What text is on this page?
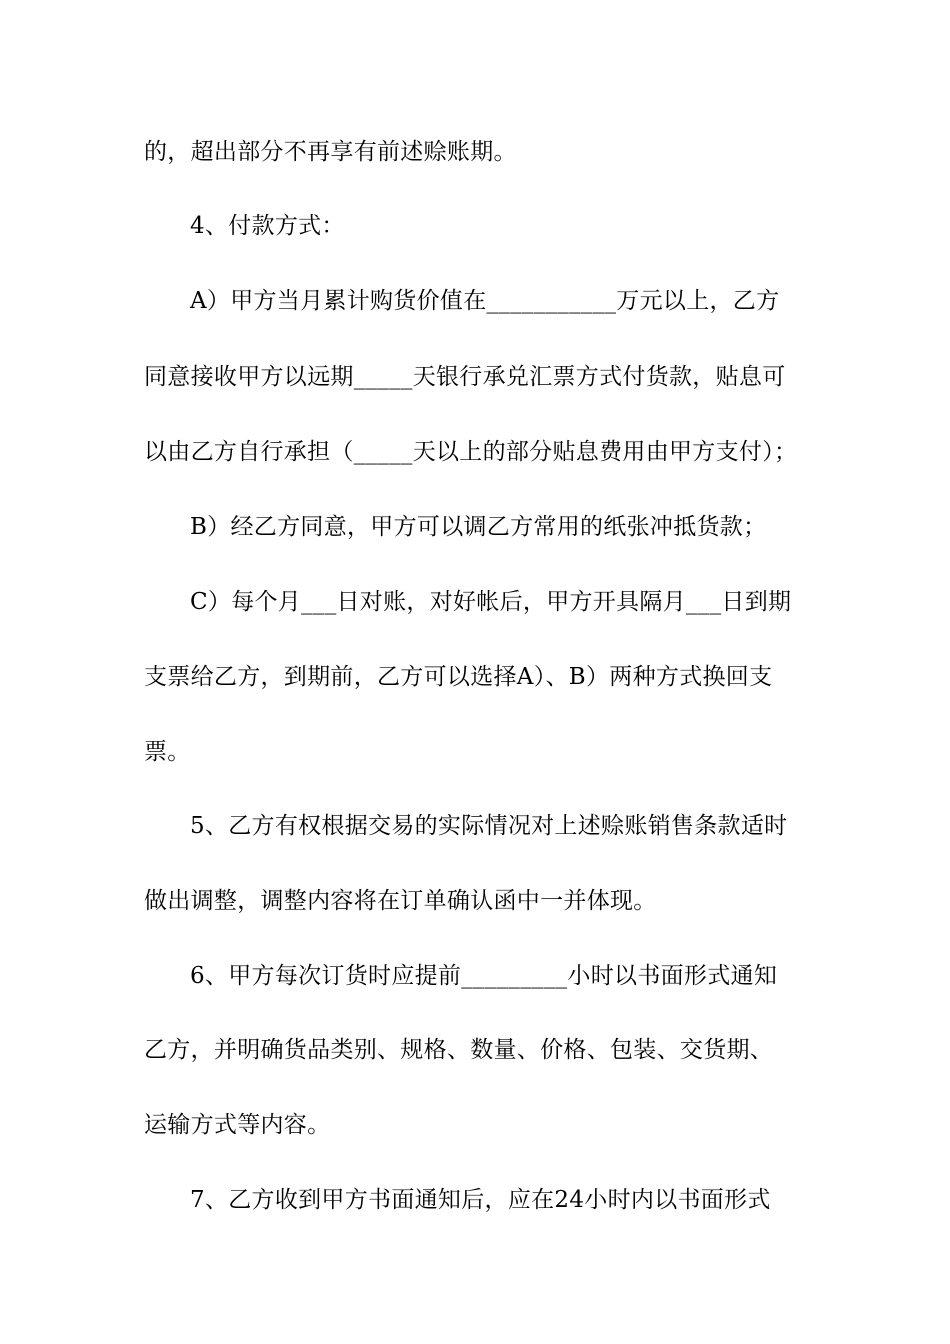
的，超出部分不再享有前述赊账期。
4、付款方式：
A）甲方当月累计购货价值在___________万元以上，乙方
同意接收甲方以远期_____天银行承兑汇票方式付货款，贴息可
以由乙方自行承担（_____天以上的部分贴息费用由甲方支付）；
B）经乙方同意，甲方可以调乙方常用的纸张冲抵货款；
C）每个月___日对账，对好帐后，甲方开具隔月___日到期
支票给乙方，到期前，乙方可以选择A）、B）两种方式换回支
票。
5、乙方有权根据交易的实际情况对上述赊账销售条款适时
做出调整，调整内容将在订单确认函中一并体现。
6、甲方每次订货时应提前_________小时以书面形式通知
乙方，并明确货品类别、规格、数量、价格、包装、交货期、
运输方式等内容。
7、乙方收到甲方书面通知后，应在24小时内以书面形式
